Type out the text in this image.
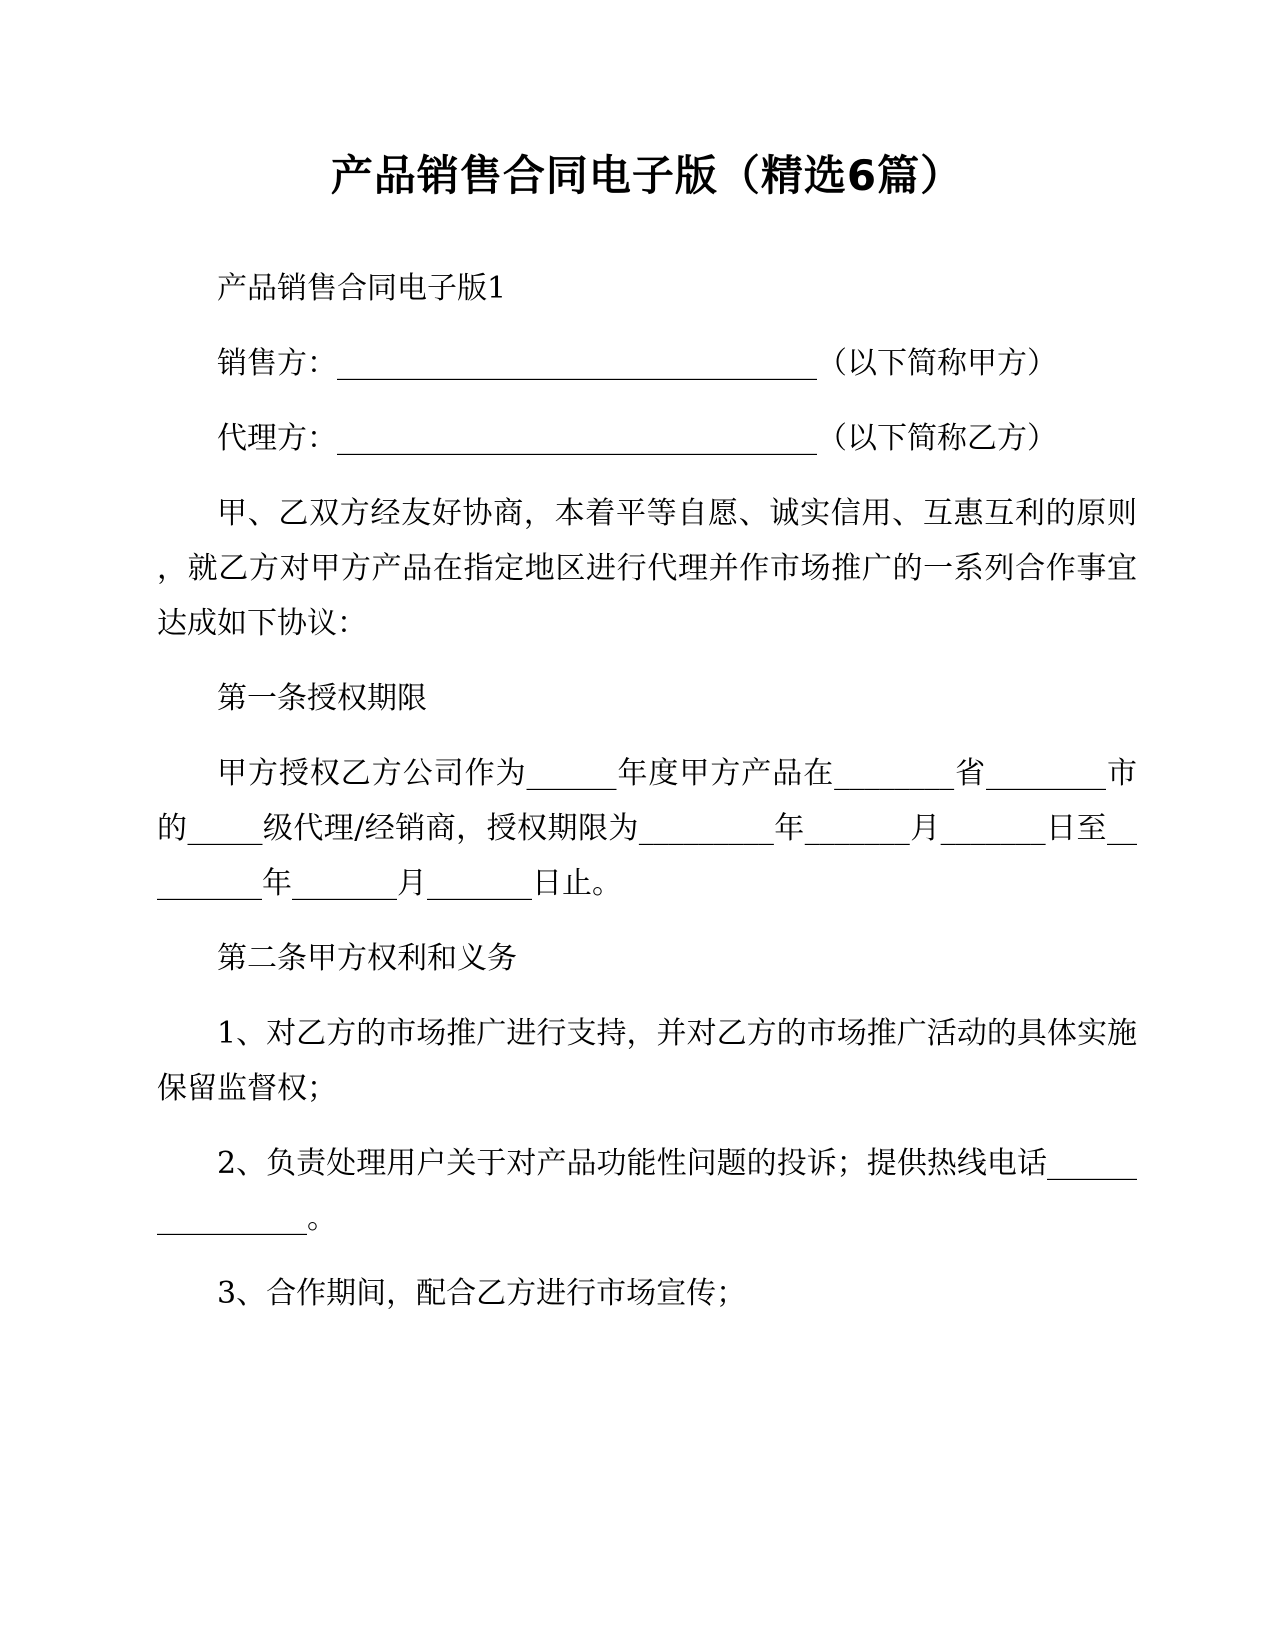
产品销售合同电子版（精选6篇）

产品销售合同电子版1

销售方：________________________________（以下简称甲方）

代理方：________________________________（以下简称乙方）

甲、乙双方经友好协商，本着平等自愿、诚实信用、互惠互利的原则，就乙方对甲方产品在指定地区进行代理并作市场推广的一系列合作事宜达成如下协议：

第一条授权期限

甲方授权乙方公司作为______年度甲方产品在________省________市的_____级代理/经销商，授权期限为_________年_______月_______日至_________年_______月_______日止。

第二条甲方权利和义务

1、对乙方的市场推广进行支持，并对乙方的市场推广活动的具体实施保留监督权；

2、负责处理用户关于对产品功能性问题的投诉；提供热线电话________________。

3、合作期间，配合乙方进行市场宣传；
